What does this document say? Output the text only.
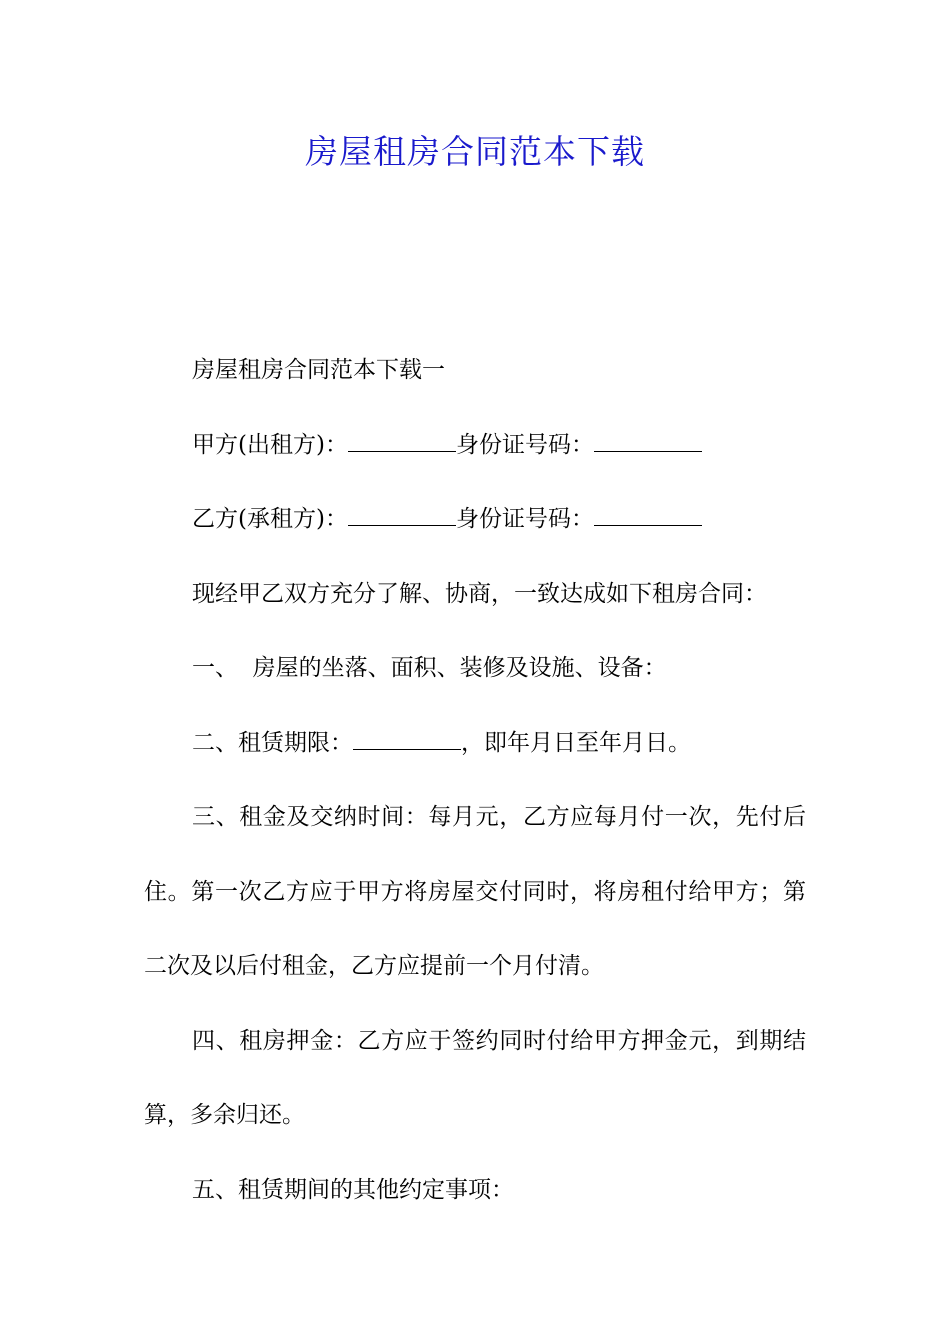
房屋租房合同范本下载

房屋租房合同范本下载一

甲方(出租方)：	身份证号码：

乙方(承租方)：	身份证号码：

现经甲乙双方充分了解、协商，一致达成如下租房合同：

一、  房屋的坐落、面积、装修及设施、设备：

二、租赁期限：	，即年月日至年月日。

三、租金及交纳时间：每月元，乙方应每月付一次，先付后住。第一次乙方应于甲方将房屋交付同时，将房租付给甲方；第二次及以后付租金，乙方应提前一个月付清。

四、租房押金：乙方应于签约同时付给甲方押金元，到期结算，多余归还。

五、租赁期间的其他约定事项：
